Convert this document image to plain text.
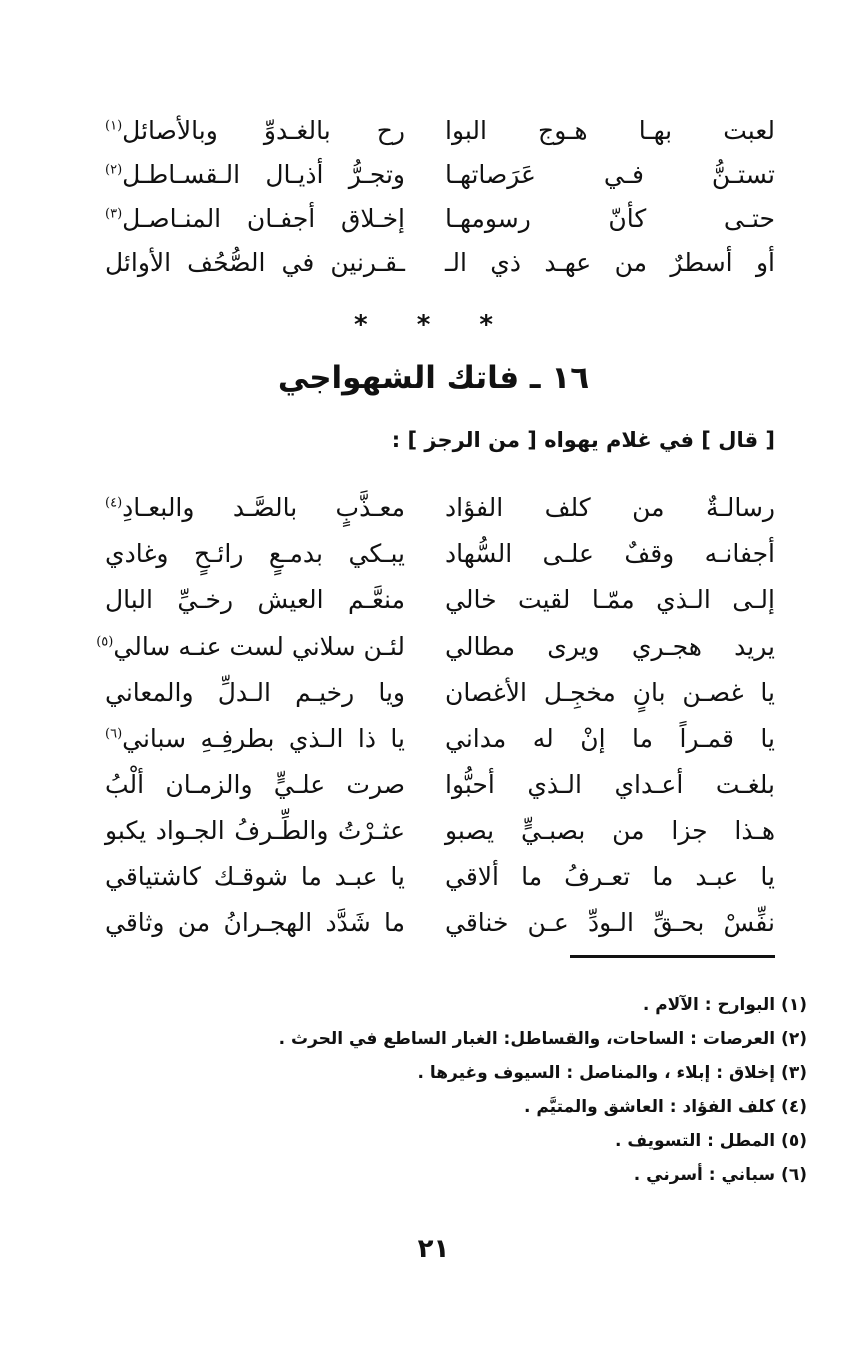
لعبت بهـا هـوج البوا
رح بالغـدوِّ وبالأصائل$^{(١)}$
تستـنُّ فـي عَرَصاتهـا
وتجـرُّ أذيـال الـقسـاطـل$^{(٢)}$
حتـى كأنّ رسومهـا
إخـلاق أجفـان المنـاصـل$^{(٣)}$
أو أسطرٌ من عهـد ذي الـ
ـقـرنين في الصُّحُف الأوائل
* * *
١٦ ـ فاتك الشهواجي
[ قال ] في غلام يهواه [ من الرجز ] :
رسالـةٌ من كلف الفؤاد
معـذَّبٍ بالصَّـد والبعـادِ$^{(٤)}$
أجفانـه وقفٌ علـى السُّهاد
يبـكي بدمـعٍ رائـحٍ وغادي
إلـى الـذي ممّـا لقيت خالي
منعَّـم العيش رخـيِّ البال
يريد هجـري ويرى مطالي
لئـن سلاني لست عنـه سالي$^{(٥)}$
يا غصـن بانٍ مخجِـل الأغصان
ويا رخيـم الـدلِّ والمعاني
يا قمـراً ما إنْ له مداني
يا ذا الـذي بطرفِـهِ سباني$^{(٦)}$
بلغـت أعـداي الـذي أحبُّوا
صرت علـيٍّ والزمـان ألْبُ
هـذا جزا من بصبـيٍّ يصبو
عثـرْتُ والطِّـرفُ الجـواد يكبو
يا عبـد ما تعـرفُ ما ألاقي
يا عبـد ما شوقـك كاشتياقي
نفِّسْ بحـقِّ الـودِّ عـن خناقي
ما شَدَّد الهجـرانُ من وثاقي
(١) البوارح : الآلام .
(٢) العرصات : الساحات، والقساطل: الغبار الساطع في الحرث .
(٣) إخلاق : إبلاء ، والمناصل : السيوف وغيرها .
(٤) كلف الفؤاد : العاشق والمتيَّم .
(٥) المطل : التسويف .
(٦) سباني : أسرني .
٢١
